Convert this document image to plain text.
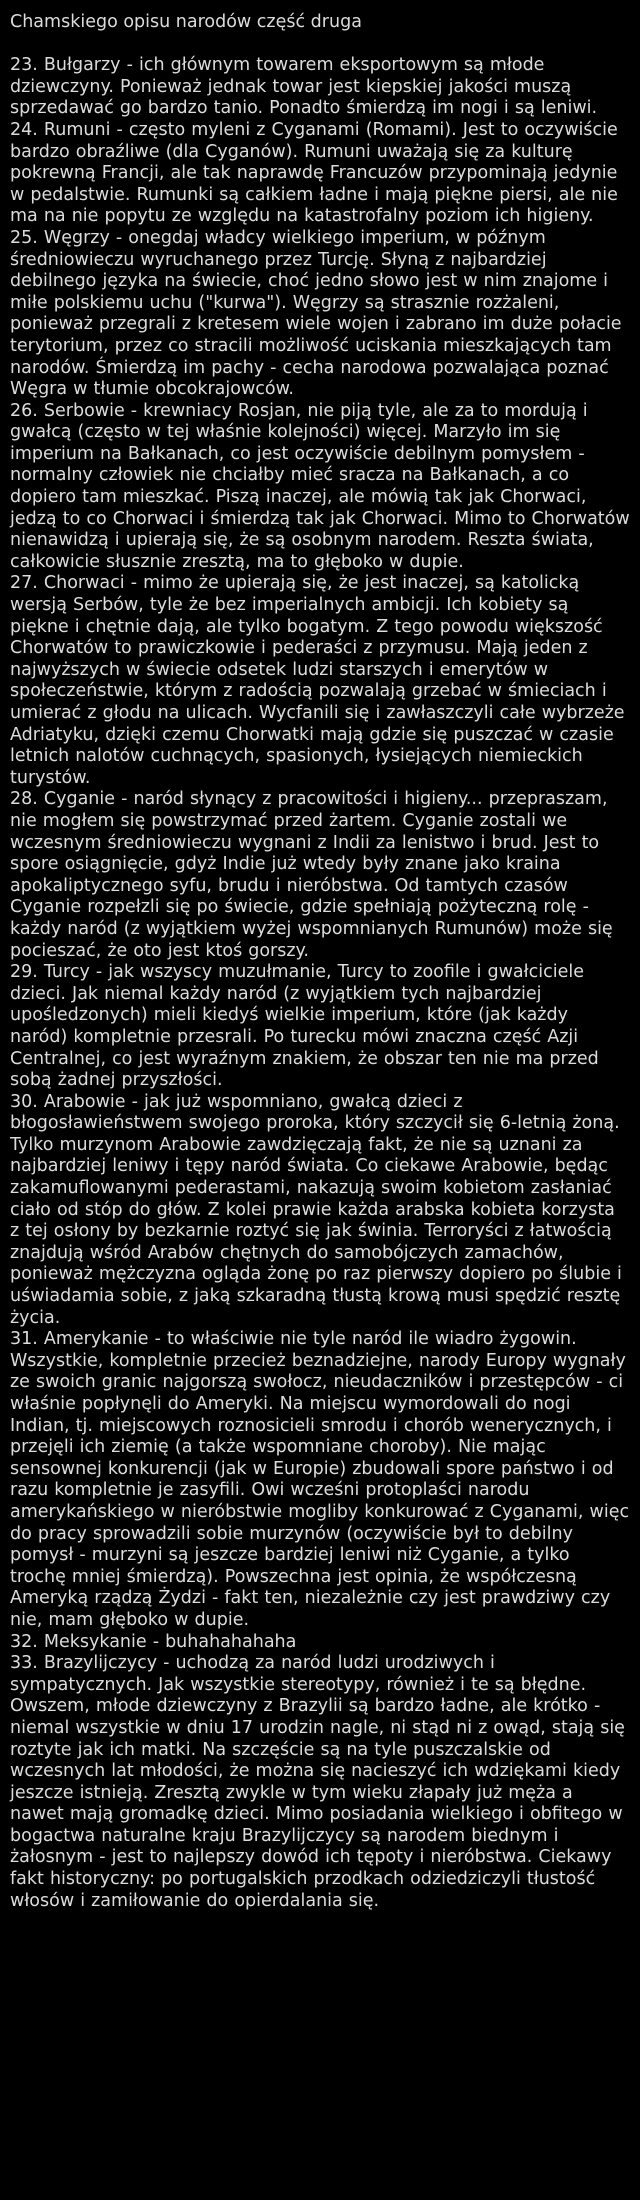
Chamskiego opisu narodów część druga

23. Bułgarzy - ich głównym towarem eksportowym są młode dziewczyny. Ponieważ jednak towar jest kiepskiej jakości muszą sprzedawać go bardzo tanio. Ponadto śmierdzą im nogi i są leniwi.

24. Rumuni - często myleni z Cyganami (Romami). Jest to oczywiście bardzo obraźliwe (dla Cyganów). Rumuni uważają się za kulturę pokrewną Francji, ale tak naprawdę Francuzów przypominają jedynie w pedalstwie. Rumunki są całkiem ładne i mają piękne piersi, ale nie ma na nie popytu ze względu na katastrofalny poziom ich higieny.

25. Węgrzy - onegdaj władcy wielkiego imperium, w późnym średniowieczu wyruchanego przez Turcję. Słyną z najbardziej debilnego języka na świecie, choć jedno słowo jest w nim znajome i miłe polskiemu uchu ("kurwa"). Węgrzy są strasznie rozżaleni, ponieważ przegrali z kretesem wiele wojen i zabrano im duże połacie terytorium, przez co stracili możliwość uciskania mieszkających tam narodów. Śmierdzą im pachy - cecha narodowa pozwalająca poznać Węgra w tłumie obcokrajowców.

26. Serbowie - krewniacy Rosjan, nie piją tyle, ale za to mordują i gwałcą (często w tej właśnie kolejności) więcej. Marzyło im się imperium na Bałkanach, co jest oczywiście debilnym pomysłem - normalny człowiek nie chciałby mieć sracza na Bałkanach, a co dopiero tam mieszkać. Piszą inaczej, ale mówią tak jak Chorwaci, jedzą to co Chorwaci i śmierdzą tak jak Chorwaci. Mimo to Chorwatów nienawidzą i upierają się, że są osobnym narodem. Reszta świata, całkowicie słusznie zresztą, ma to głęboko w dupie.

27. Chorwaci - mimo że upierają się, że jest inaczej, są katolicką wersją Serbów, tyle że bez imperialnych ambicji. Ich kobiety są piękne i chętnie dają, ale tylko bogatym. Z tego powodu większość Chorwatów to prawiczkowie i pederaści z przymusu. Mają jeden z najwyższych w świecie odsetek ludzi starszych i emerytów w społeczeństwie, którym z radością pozwalają grzebać w śmieciach i umierać z głodu na ulicach. Wycfanili się i zawłaszczyli całe wybrzeże Adriatyku, dzięki czemu Chorwatki mają gdzie się puszczać w czasie letnich nalotów cuchnących, spasionych, łysiejących niemieckich turystów.

28. Cyganie - naród słynący z pracowitości i higieny... przepraszam, nie mogłem się powstrzymać przed żartem. Cyganie zostali we wczesnym średniowieczu wygnani z Indii za lenistwo i brud. Jest to spore osiągnięcie, gdyż Indie już wtedy były znane jako kraina apokaliptycznego syfu, brudu i nieróbstwa. Od tamtych czasów Cyganie rozpełzli się po świecie, gdzie spełniają pożyteczną rolę - każdy naród (z wyjątkiem wyżej wspomnianych Rumunów) może się pocieszać, że oto jest ktoś gorszy.

29. Turcy - jak wszyscy muzułmanie, Turcy to zoofile i gwałciciele dzieci. Jak niemal każdy naród (z wyjątkiem tych najbardziej upośledzonych) mieli kiedyś wielkie imperium, które (jak każdy naród) kompletnie przesrali. Po turecku mówi znaczna część Azji Centralnej, co jest wyraźnym znakiem, że obszar ten nie ma przed sobą żadnej przyszłości.

30. Arabowie - jak już wspomniano, gwałcą dzieci z błogosławieństwem swojego proroka, który szczycił się 6-letnią żoną. Tylko murzynom Arabowie zawdzięczają fakt, że nie są uznani za najbardziej leniwy i tępy naród świata. Co ciekawe Arabowie, będąc zakamuflowanymi pederastami, nakazują swoim kobietom zasłaniać ciało od stóp do głów. Z kolei prawie każda arabska kobieta korzysta z tej osłony by bezkarnie roztyć się jak świnia. Terroryści z łatwością znajdują wśród Arabów chętnych do samobójczych zamachów, ponieważ mężczyzna ogląda żonę po raz pierwszy dopiero po ślubie i uświadamia sobie, z jaką szkaradną tłustą krową musi spędzić resztę życia.

31. Amerykanie - to właściwie nie tyle naród ile wiadro żygowin. Wszystkie, kompletnie przecież beznadziejne, narody Europy wygnały ze swoich granic najgorszą swołocz, nieudaczników i przestępców - ci właśnie popłynęli do Ameryki. Na miejscu wymordowali do nogi Indian, tj. miejscowych roznosicieli smrodu i chorób wenerycznych, i przejęli ich ziemię (a także wspomniane choroby). Nie mając sensownej konkurencji (jak w Europie) zbudowali spore państwo i od razu kompletnie je zasyfili. Owi wcześni protoplaści narodu amerykańskiego w nieróbstwie mogliby konkurować z Cyganami, więc do pracy sprowadzili sobie murzynów (oczywiście był to debilny pomysł - murzyni są jeszcze bardziej leniwi niż Cyganie, a tylko trochę mniej śmierdzą). Powszechna jest opinia, że współczesną Ameryką rządzą Żydzi - fakt ten, niezależnie czy jest prawdziwy czy nie, mam głęboko w dupie.

32. Meksykanie - buhahahahaha

33. Brazylijczycy - uchodzą za naród ludzi urodziwych i sympatycznych. Jak wszystkie stereotypy, również i te są błędne. Owszem, młode dziewczyny z Brazylii są bardzo ładne, ale krótko - niemal wszystkie w dniu 17 urodzin nagle, ni stąd ni z owąd, stają się roztyte jak ich matki. Na szczęście są na tyle puszczalskie od wczesnych lat młodości, że można się nacieszyć ich wdziękami kiedy jeszcze istnieją. Zresztą zwykle w tym wieku złapały już męża a nawet mają gromadkę dzieci. Mimo posiadania wielkiego i obfitego w bogactwa naturalne kraju Brazylijczycy są narodem biednym i żałosnym - jest to najlepszy dowód ich tępoty i nieróbstwa. Ciekawy fakt historyczny: po portugalskich przodkach odziedziczyli tłustość włosów i zamiłowanie do opierdalania się.
